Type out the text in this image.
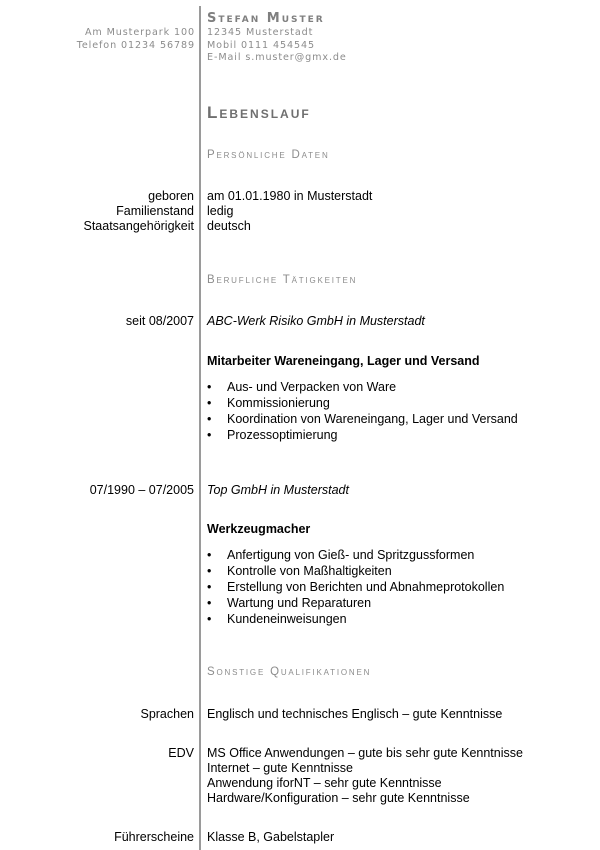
Am Musterpark 100
Telefon 01234 56789
Stefan Muster
12345 Musterstadt
Mobil 0111 454545
E-Mail s.muster@gmx.de
Lebenslauf
Persönliche Daten
geboren am 01.01.1980 in Musterstadt
Familienstand ledig
Staatsangehörigkeit deutsch
Berufliche Tätigkeiten
seit 08/2007 ABC-Werk Risiko GmbH in Musterstadt
Mitarbeiter Wareneingang, Lager und Versand
• Aus- und Verpacken von Ware
• Kommissionierung
• Koordination von Wareneingang, Lager und Versand
• Prozessoptimierung
07/1990 – 07/2005 Top GmbH in Musterstadt
Werkzeugmacher
• Anfertigung von Gieß- und Spritzgussformen
• Kontrolle von Maßhaltigkeiten
• Erstellung von Berichten und Abnahmeprotokollen
• Wartung und Reparaturen
• Kundeneinweisungen
Sonstige Qualifikationen
Sprachen Englisch und technisches Englisch – gute Kenntnisse
EDV MS Office Anwendungen – gute bis sehr gute Kenntnisse
Internet – gute Kenntnisse
Anwendung iforNT – sehr gute Kenntnisse
Hardware/Konfiguration – sehr gute Kenntnisse
Führerscheine Klasse B, Gabelstapler
